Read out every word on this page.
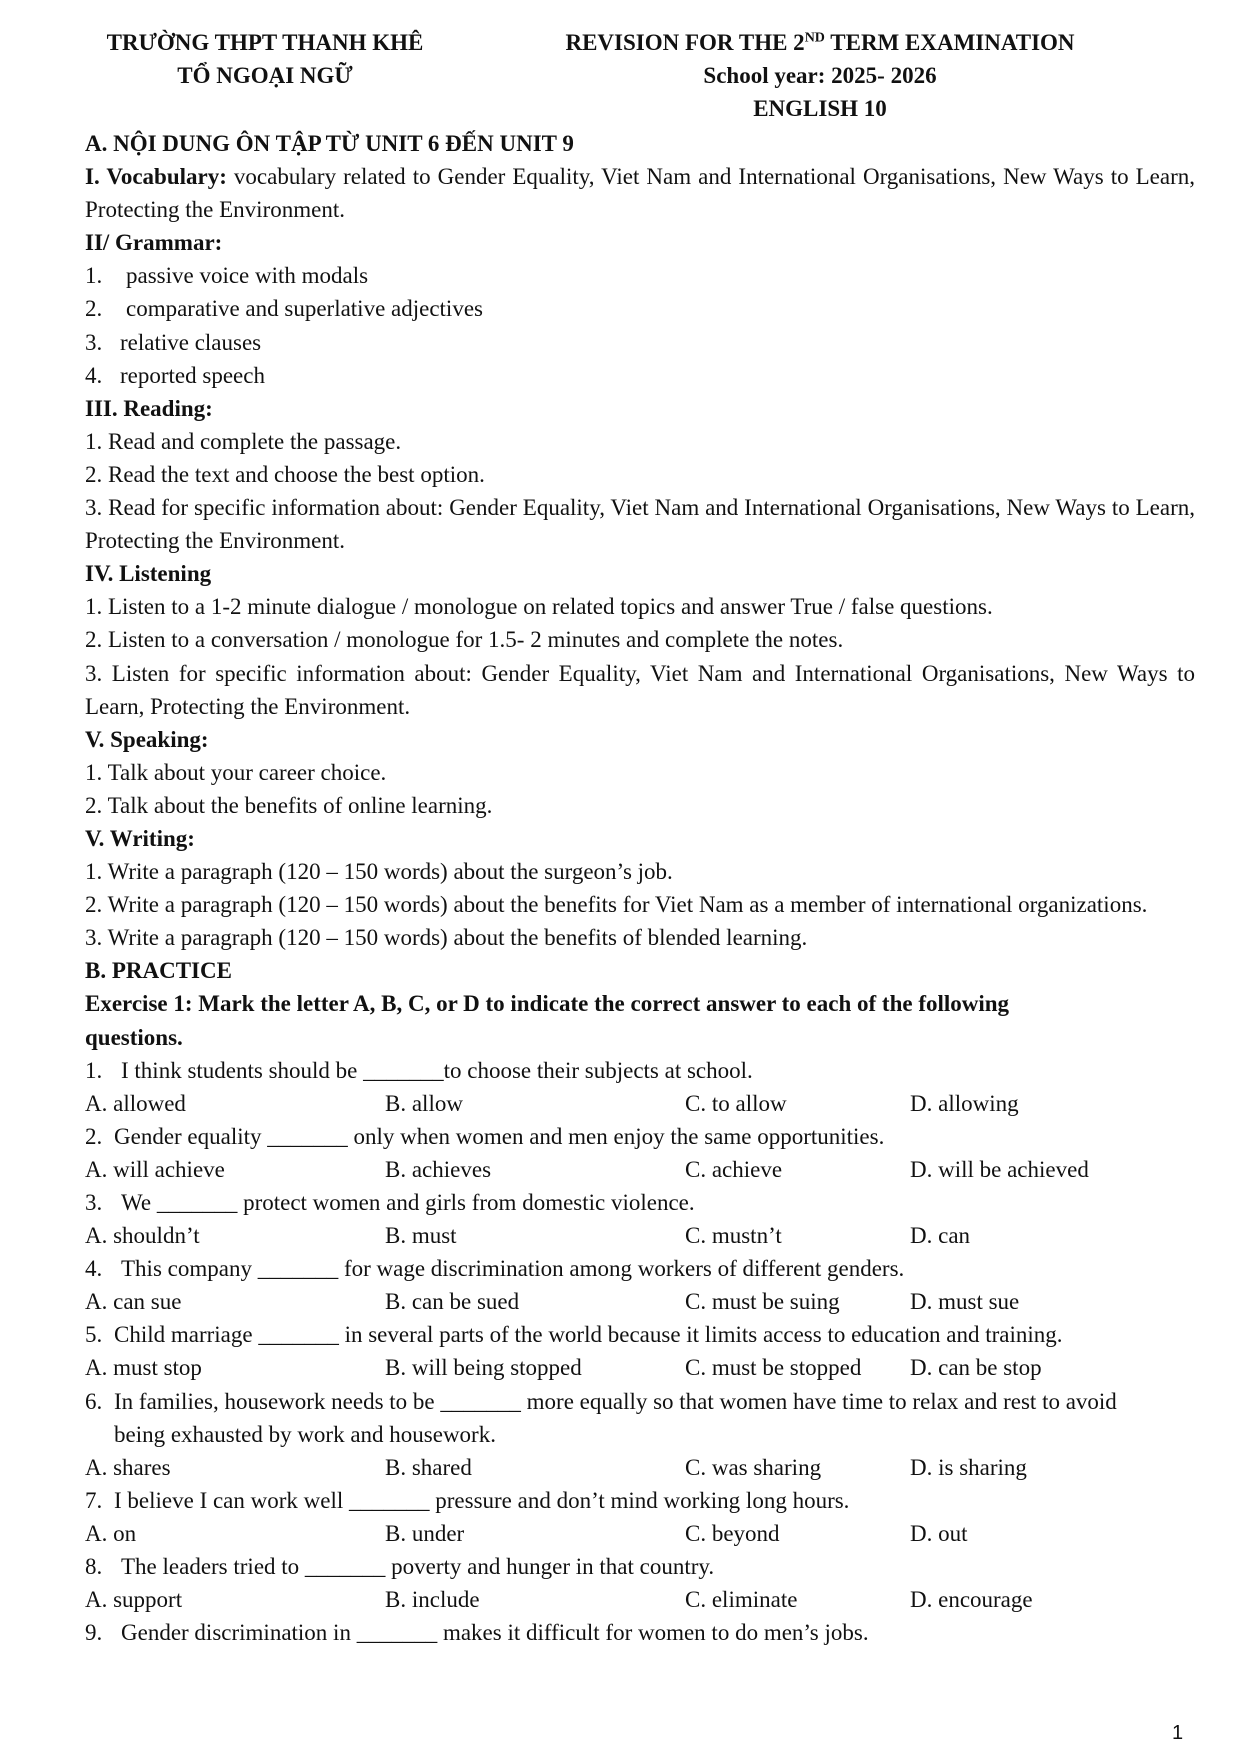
TRƯỜNG THPT THANH KHÊ
TỔ NGOẠI NGỮ
REVISION FOR THE 2ND TERM EXAMINATION
School year: 2025- 2026
ENGLISH 10
A. NỘI DUNG ÔN TẬP TỪ UNIT 6 ĐẾN UNIT 9
I. Vocabulary: vocabulary related to Gender Equality, Viet Nam and International Organisations, New Ways to Learn, Protecting the Environment.
II/ Grammar:
1.	passive voice with modals
2.	comparative and superlative adjectives
3. relative clauses
4. reported speech
III. Reading:
1. Read and complete the passage.
2. Read the text and choose the best option.
3. Read for specific information about: Gender Equality, Viet Nam and International Organisations, New Ways to Learn, Protecting the Environment.
IV. Listening
1. Listen to a 1-2 minute dialogue / monologue on related topics and answer True / false questions.
2. Listen to a conversation / monologue for 1.5- 2 minutes and complete the notes.
3. Listen for specific information about: Gender Equality, Viet Nam and International Organisations, New Ways to Learn, Protecting the Environment.
V. Speaking:
1. Talk about your career choice.
2. Talk about the benefits of online learning.
V. Writing:
1. Write a paragraph (120 – 150 words) about the surgeon’s job.
2. Write a paragraph (120 – 150 words) about the benefits for Viet Nam as a member of international organizations.
3. Write a paragraph (120 – 150 words) about the benefits of blended learning.
B. PRACTICE
Exercise 1: Mark the letter A, B, C, or D to indicate the correct answer to each of the following questions.
1. I think students should be _______to choose their subjects at school.
A. allowed	B. allow	C. to allow	D. allowing
2. Gender equality _______ only when women and men enjoy the same opportunities.
A. will achieve	B. achieves	C. achieve	D. will be achieved
3. We _______ protect women and girls from domestic violence.
A. shouldn’t	B. must	C. mustn’t	D. can
4. This company _______ for wage discrimination among workers of different genders.
A. can sue	B. can be sued	C. must be suing	D. must sue
5. Child marriage _______ in several parts of the world because it limits access to education and training.
A. must stop	B. will being stopped	C. must be stopped	D. can be stop
6. In families, housework needs to be _______ more equally so that women have time to relax and rest to avoid being exhausted by work and housework.
A. shares	B. shared	C. was sharing	D. is sharing
7. I believe I can work well _______ pressure and don’t mind working long hours.
A. on	B. under	C. beyond	D. out
8. The leaders tried to _______ poverty and hunger in that country.
A. support	B. include	C. eliminate	D. encourage
9. Gender discrimination in _______ makes it difficult for women to do men’s jobs.
1
